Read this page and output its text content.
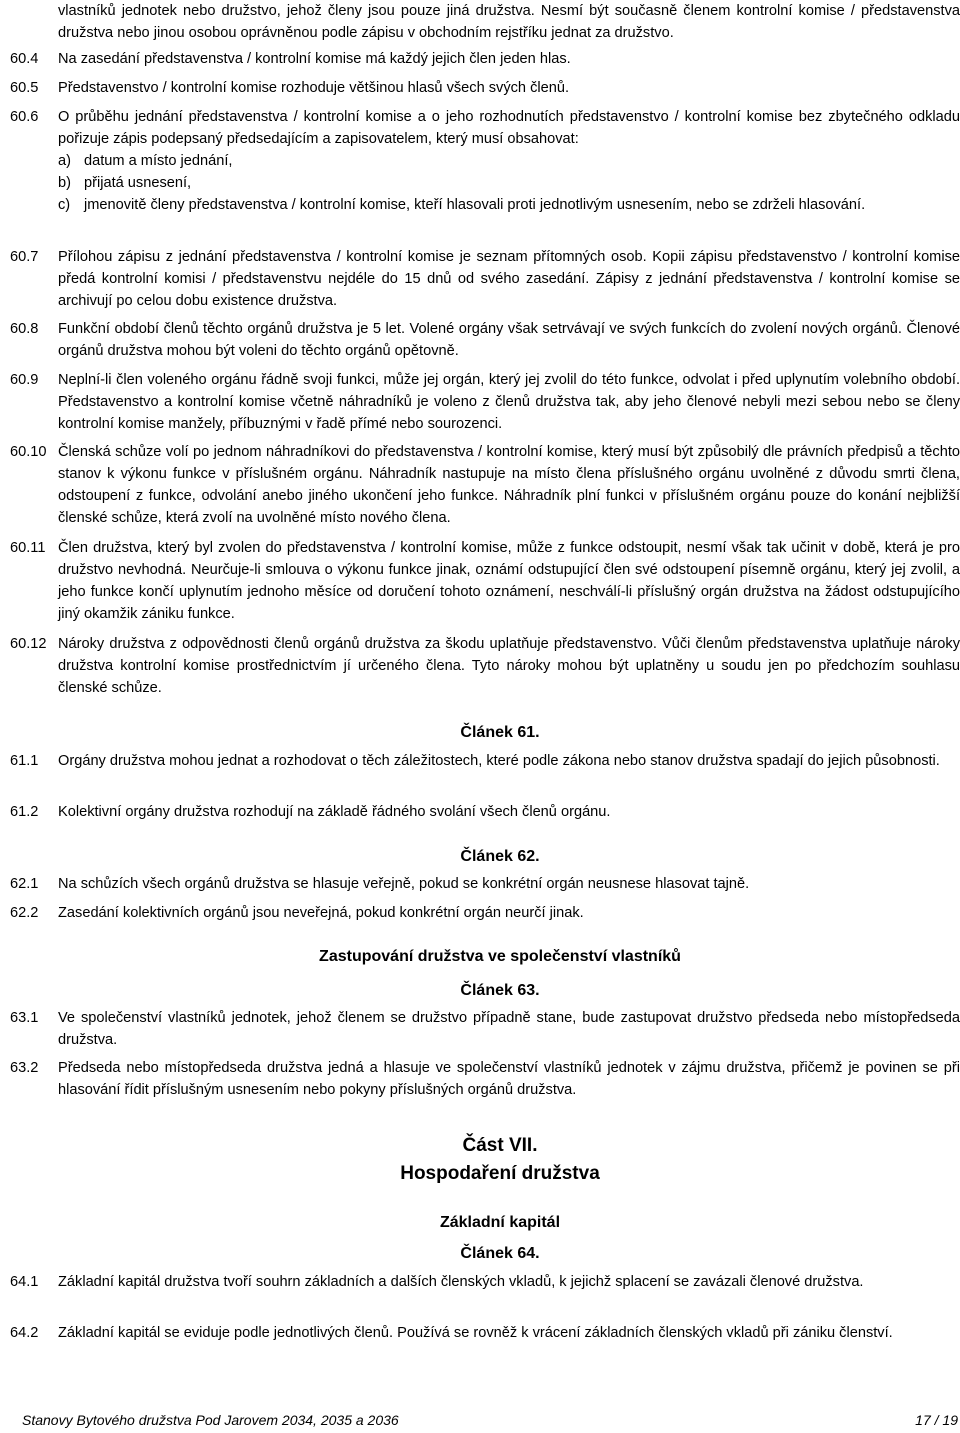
vlastníků jednotek nebo družstvo, jehož členy jsou pouze jiná družstva. Nesmí být současně členem kontrolní komise / představenstva družstva nebo jinou osobou oprávněnou podle zápisu v obchodním rejstříku jednat za družstvo.
60.4	Na zasedání představenstva / kontrolní komise má každý jejich člen jeden hlas.
60.5	Představenstvo / kontrolní komise rozhoduje většinou hlasů všech svých členů.
60.6	O průběhu jednání představenstva / kontrolní komise a o jeho rozhodnutích představenstvo / kontrolní komise bez zbytečného odkladu pořizuje zápis podepsaný předsedajícím a zapisovatelem, který musí obsahovat:
a) datum a místo jednání,
b) přijatá usnesení,
c) jmenovitě členy představenstva / kontrolní komise, kteří hlasovali proti jednotlivým usnesením, nebo se zdrželi hlasování.
60.7	Přílohou zápisu z jednání představenstva / kontrolní komise je seznam přítomných osob. Kopii zápisu představenstvo / kontrolní komise předá kontrolní komisi / představenstvu nejdéle do 15 dnů od svého zasedání. Zápisy z jednání představenstva / kontrolní komise se archivují po celou dobu existence družstva.
60.8	Funkční období členů těchto orgánů družstva je 5 let. Volené orgány však setrvávají ve svých funkcích do zvolení nových orgánů. Členové orgánů družstva mohou být voleni do těchto orgánů opětovně.
60.9	Neplní-li člen voleného orgánu řádně svoji funkci, může jej orgán, který jej zvolil do této funkce, odvolat i před uplynutím volebního období. Představenstvo a kontrolní komise včetně náhradníků je voleno z členů družstva tak, aby jeho členové nebyli mezi sebou nebo se členy kontrolní komise manžely, příbuznými v řadě přímé nebo sourozenci.
60.10 Členská schůze volí po jednom náhradníkovi do představenstva / kontrolní komise, který musí být způsobilý dle právních předpisů a těchto stanov k výkonu funkce v příslušném orgánu. Náhradník nastupuje na místo člena příslušného orgánu uvolněné z důvodu smrti člena, odstoupení z funkce, odvolání anebo jiného ukončení jeho funkce. Náhradník plní funkci v příslušném orgánu pouze do konání nejbližší členské schůze, která zvolí na uvolněné místo nového člena.
60.11 Člen družstva, který byl zvolen do představenstva / kontrolní komise, může z funkce odstoupit, nesmí však tak učinit v době, která je pro družstvo nevhodná. Neurčuje-li smlouva o výkonu funkce jinak, oznámí odstupující člen své odstoupení písemně orgánu, který jej zvolil, a jeho funkce končí uplynutím jednoho měsíce od doručení tohoto oznámení, neschválí-li příslušný orgán družstva na žádost odstupujícího jiný okamžik zániku funkce.
60.12 Nároky družstva z odpovědnosti členů orgánů družstva za škodu uplatňuje představenstvo. Vůči členům představenstva uplatňuje nároky družstva kontrolní komise prostřednictvím jí určeného člena. Tyto nároky mohou být uplatněny u soudu jen po předchozím souhlasu členské schůze.
Článek 61.
61.1	Orgány družstva mohou jednat a rozhodovat o těch záležitostech, které podle zákona nebo stanov družstva spadají do jejich působnosti.
61.2	Kolektivní orgány družstva rozhodují na základě řádného svolání všech členů orgánu.
Článek 62.
62.1	Na schůzích všech orgánů družstva se hlasuje veřejně, pokud se konkrétní orgán neusnese hlasovat tajně.
62.2	Zasedání kolektivních orgánů jsou neveřejná, pokud konkrétní orgán neurčí jinak.
Zastupování družstva ve společenství vlastníků
Článek 63.
63.1	Ve společenství vlastníků jednotek, jehož členem se družstvo případně stane, bude zastupovat družstvo předseda nebo místopředseda družstva.
63.2	Předseda nebo místopředseda družstva jedná a hlasuje ve společenství vlastníků jednotek v zájmu družstva, přičemž je povinen se při hlasování řídit příslušným usnesením nebo pokyny příslušných orgánů družstva.
Část VII.
Hospodaření družstva
Základní kapitál
Článek 64.
64.1	Základní kapitál družstva tvoří souhrn základních a dalších členských vkladů, k jejichž splacení se zavázali členové družstva.
64.2	Základní kapitál se eviduje podle jednotlivých členů. Používá se rovněž k vrácení základních členských vkladů při zániku členství.
Stanovy Bytového družstva Pod Jarovem 2034, 2035 a 2036	17 / 19
